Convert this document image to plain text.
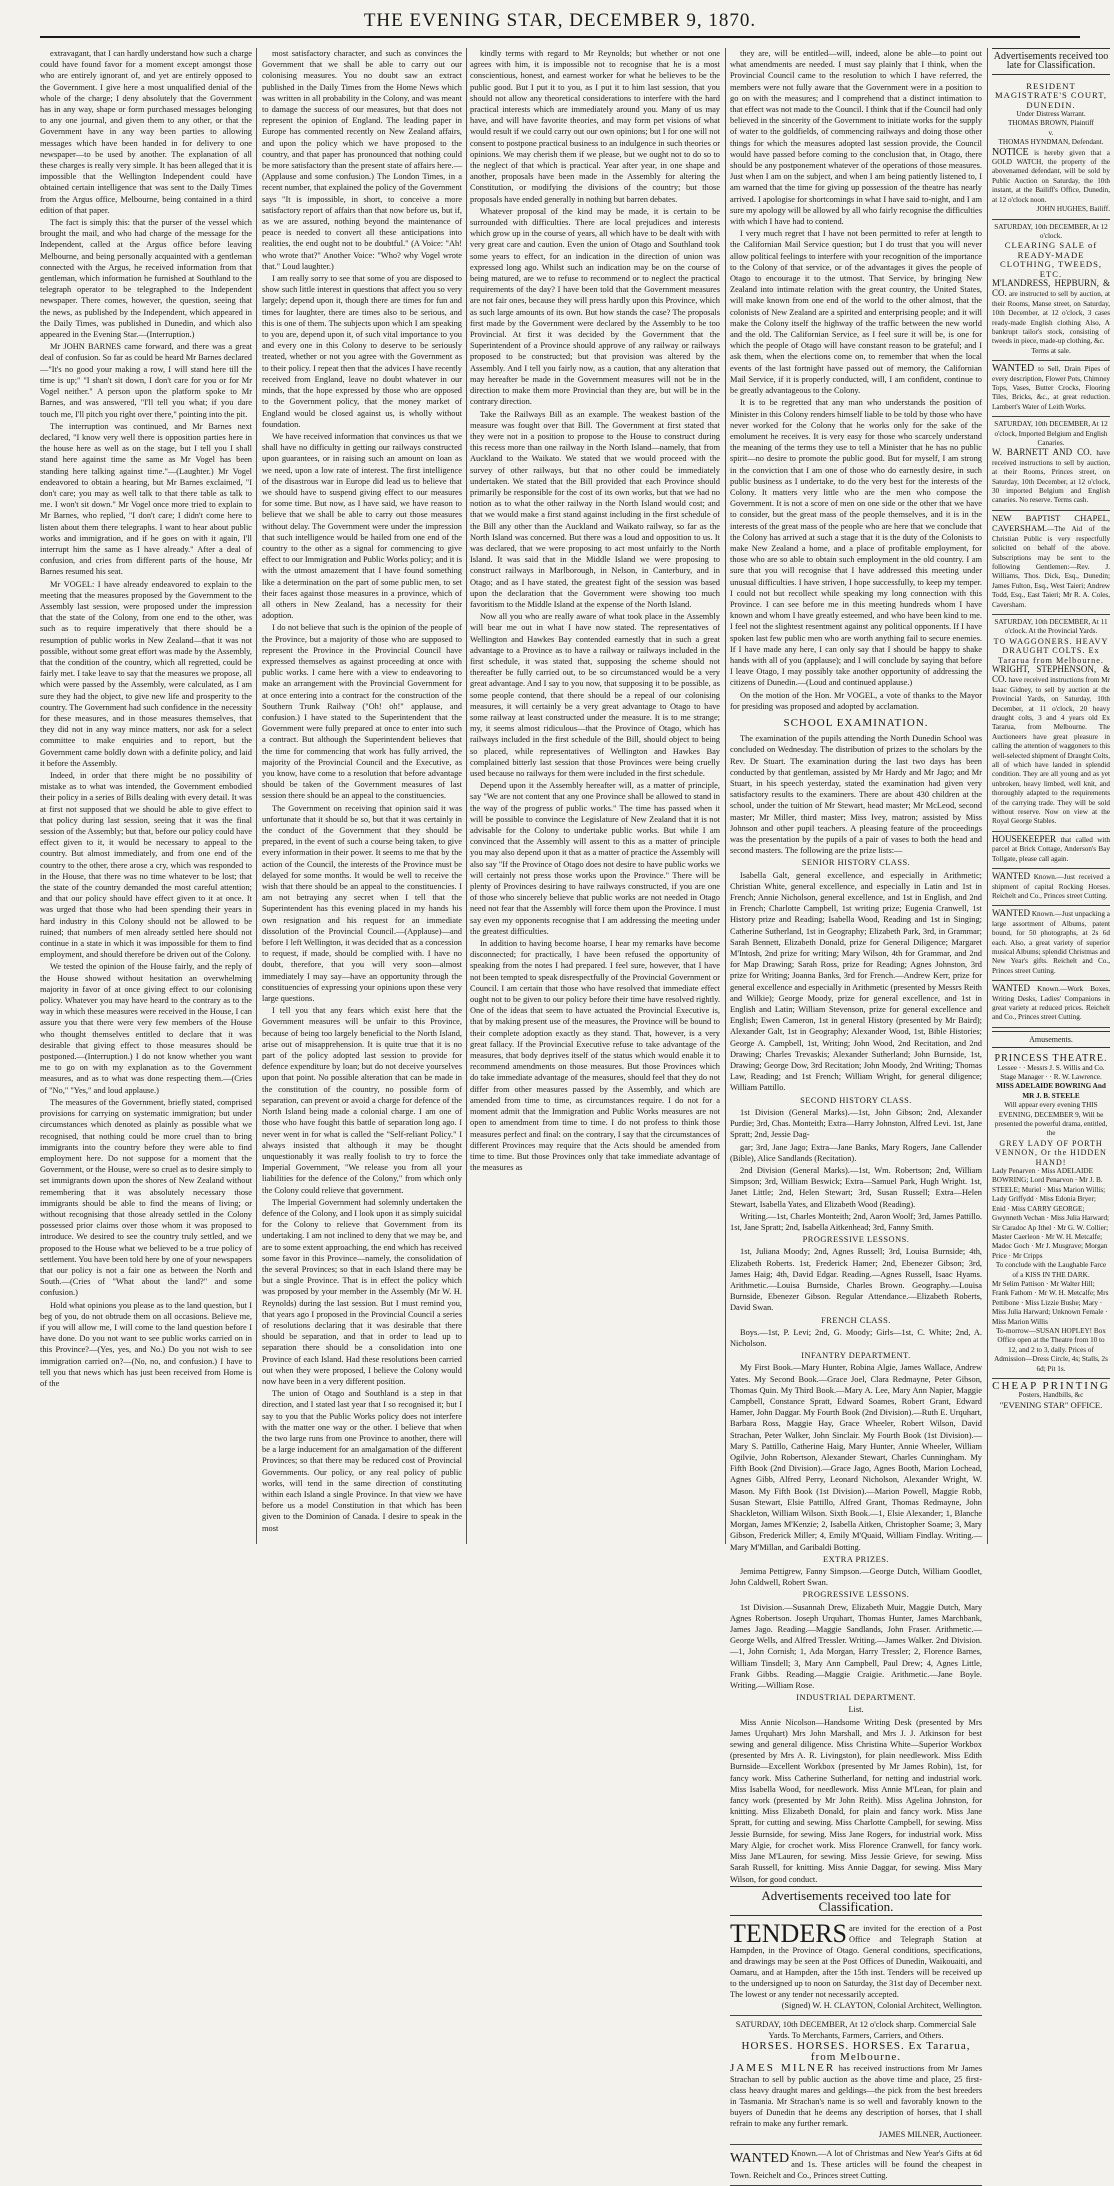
THE EVENING STAR, DECEMBER 9, 1870.

extravagant, that I can hardly understand how such a charge could have found favor for a moment except amongst those who are entirely ignorant of, and yet are entirely opposed to the Government. I give here a most unqualified denial of the whole of the charge; I deny absolutely that the Government has in any way, shape or form purchased messages belonging to any one journal, and given them to any other, or that the Government have in any way been parties to allowing messages which have been handed in for delivery to one newspaper—to be used by another. The explanation of all these charges is really very simple. It has been alleged that it is impossible that the Wellington Independent could have obtained certain intelligence that was sent to the Daily Times from the Argus office, Melbourne, being contained in a third edition of that paper.

The fact is simply this: that the purser of the vessel which brought the mail, and who had charge of the message for the Independent, called at the Argus office before leaving Melbourne, and being personally acquainted with a gentleman connected with the Argus, he received information from that gentleman, which information he furnished at Southland to the telegraph operator to be telegraphed to the Independent newspaper. There comes, however, the question, seeing that the news, as published by the Independent, which appeared in the Daily Times, was published in Dunedin, and which also appeared in the Evening Star.—(Interruption.)

Mr JOHN BARNES came forward, and there was a great deal of confusion. So far as could be heard Mr Barnes declared—"It's no good your making a row, I will stand here till the time is up;" "I shan't sit down, I don't care for you or for Mr Vogel neither." A person upon the platform spoke to Mr Barnes, and was answered, "I'll tell you what; if you dare touch me, I'll pitch you right over there," pointing into the pit.

The interruption was continued, and Mr Barnes next declared, "I know very well there is opposition parties here in the house here as well as on the stage, but I tell you I shall stand here against time the same as Mr Vogel has been standing here talking against time."—(Laughter.) Mr Vogel endeavored to obtain a hearing, but Mr Barnes exclaimed, "I don't care; you may as well talk to that there table as talk to me. I won't sit down." Mr Vogel once more tried to explain to Mr Barnes, who replied, "I don't care; I didn't come here to listen about them there telegraphs. I want to hear about public works and immigration, and if he goes on with it again, I'll interrupt him the same as I have already." After a deal of confusion, and cries from different parts of the house, Mr Barnes resumed his seat.

Mr VOGEL: I have already endeavored to explain to the meeting that the measures proposed by the Government to the Assembly last session, were proposed under the impression that the state of the Colony, from one end to the other, was such as to require imperatively that there should be a resumption of public works in New Zealand—that it was not possible, without some great effort was made by the Assembly, that the condition of the country, which all regretted, could be fairly met. I take leave to say that the measures we propose, all which were passed by the Assembly, were calculated, as I am sure they had the object, to give new life and prosperity to the country. The Government had such confidence in the necessity for these measures, and in those measures themselves, that they did not in any way mince matters, nor ask for a select committee to make enquiries and to report, but the Government came boldly down with a definite policy, and laid it before the Assembly.

Indeed, in order that there might be no possibility of mistake as to what was intended, the Government embodied their policy in a series of Bills dealing with every detail. It was at first not supposed that we should be able to give effect to that policy during last session, seeing that it was the final session of the Assembly; but that, before our policy could have effect given to it, it would be necessary to appeal to the country. But almost immediately, and from one end of the country to the other, there arose a cry, which was responded to in the House, that there was no time whatever to be lost; that the state of the country demanded the most careful attention; and that our policy should have effect given to it at once. It was urged that those who had been spending their years in hard industry in this Colony should not be allowed to be ruined; that numbers of men already settled here should not continue in a state in which it was impossible for them to find employment, and should therefore be driven out of the Colony.

We tested the opinion of the House fairly, and the reply of the House showed without hesitation an overwhelming majority in favor of at once giving effect to our colonising policy. Whatever you may have heard to the contrary as to the way in which these measures were received in the House, I can assure you that there were very few members of the House who thought themselves entitled to declare that it was desirable that giving effect to those measures should be postponed.—(Interruption.) I do not know whether you want me to go on with my explanation as to the Government measures, and as to what was done respecting them.—(Cries of "No," "Yes," and loud applause.)

The measures of the Government, briefly stated, comprised provisions for carrying on systematic immigration; but under circumstances which denoted as plainly as possible what we recognised, that nothing could be more cruel than to bring immigrants into the country before they were able to find employment here. Do not suppose for a moment that the Government, or the House, were so cruel as to desire simply to set immigrants down upon the shores of New Zealand without remembering that it was absolutely necessary those immigrants should be able to find the means of living; or without recognising that those already settled in the Colony possessed prior claims over those whom it was proposed to introduce. We desired to see the country truly settled, and we proposed to the House what we believed to be a true policy of settlement. You have been told here by one of your newspapers that our policy is not a fair one as between the North and South.—(Cries of "What about the land?" and some confusion.)

Hold what opinions you please as to the land question, but I beg of you, do not obtrude them on all occasions. Believe me, if you will allow me, I will come to the land question before I have done. Do you not want to see public works carried on in this Province?—(Yes, yes, and No.) Do you not wish to see immigration carried on?—(No, no, and confusion.) I have to tell you that news which has just been received from Home is of the

most satisfactory character, and such as convinces the Government that we shall be able to carry out our colonising measures. You no doubt saw an extract published in the Daily Times from the Home News which was written in all probability in the Colony, and was meant to damage the success of our measures, but that does not represent the opinion of England. The leading paper in Europe has commented recently on New Zealand affairs, and upon the policy which we have proposed to the country, and that paper has pronounced that nothing could be more satisfactory than the present state of affairs here.—(Applause and some confusion.) The London Times, in a recent number, that explained the policy of the Government says "It is impossible, in short, to conceive a more satisfactory report of affairs than that now before us, but if, as we are assured, nothing beyond the maintenance of peace is needed to convert all these anticipations into realities, the end ought not to be doubtful." (A Voice: "Ah! who wrote that?" Another Voice: "Who? why Vogel wrote that." Loud laughter.)

I am really sorry to see that some of you are disposed to show such little interest in questions that affect you so very largely; depend upon it, though there are times for fun and times for laughter, there are times also to be serious, and this is one of them. The subjects upon which I am speaking to you are, depend upon it, of such vital importance to you and every one in this Colony to deserve to be seriously treated, whether or not you agree with the Government as to their policy. I repeat then that the advices I have recently received from England, leave no doubt whatever in our minds, that the hope expressed by those who are opposed to the Government policy, that the money market of England would be closed against us, is wholly without foundation.

We have received information that convinces us that we shall have no difficulty in getting our railways constructed upon guarantees, or in raising such an amount on loan as we need, upon a low rate of interest. The first intelligence of the disastrous war in Europe did lead us to believe that we should have to suspend giving effect to our measures for some time. But now, as I have said, we have reason to believe that we shall be able to carry out those measures without delay. The Government were under the impression that such intelligence would be hailed from one end of the country to the other as a signal for commencing to give effect to our Immigration and Public Works policy; and it is with the utmost amazement that I have found something like a determination on the part of some public men, to set their faces against those measures in a province, which of all others in New Zealand, has a necessity for their adoption.

I do not believe that such is the opinion of the people of the Province, but a majority of those who are supposed to represent the Province in the Provincial Council have expressed themselves as against proceeding at once with public works. I came here with a view to endeavoring to make an arrangement with the Provincial Government for at once entering into a contract for the construction of the Southern Trunk Railway ("Oh! oh!" applause, and confusion.) I have stated to the Superintendent that the Government were fully prepared at once to enter into such a contract. But although the Superintendent believes that the time for commencing that work has fully arrived, the majority of the Provincial Council and the Executive, as you know, have come to a resolution that before advantage should be taken of the Government measures of last session there should be an appeal to the constituencies.

The Government on receiving that opinion said it was unfortunate that it should be so, but that it was certainly in the conduct of the Government that they should be prepared, in the event of such a course being taken, to give every information in their power. It seems to me that by the action of the Council, the interests of the Province must be delayed for some months. It would be well to receive the wish that there should be an appeal to the constituencies. I am not betraying any secret when I tell that the Superintendent has this evening placed in my hands his own resignation and his request for an immediate dissolution of the Provincial Council.—(Applause)—and before I left Wellington, it was decided that as a concession to request, if made, should be complied with. I have no doubt, therefore, that you will very soon—almost immediately I may say—have an opportunity through the constituencies of expressing your opinions upon these very large questions.

I tell you that any fears which exist here that the Government measures will be unfair to this Province, because of being too largely beneficial to the North Island, arise out of misapprehension. It is quite true that it is no part of the policy adopted last session to provide for defence expenditure by loan; but do not deceive yourselves upon that point. No possible alteration that can be made in the constitution of the country, no possible form of separation, can prevent or avoid a charge for defence of the North Island being made a colonial charge. I am one of those who have fought this battle of separation long ago. I never went in for what is called the "Self-reliant Policy." I always insisted that although it may be thought unquestionably it was really foolish to try to force the Imperial Government, "We release you from all your liabilities for the defence of the Colony," from which only the Colony could relieve that government.

The Imperial Government had solemnly undertaken the defence of the Colony, and I look upon it as simply suicidal for the Colony to relieve that Government from its undertaking. I am not inclined to deny that we may be, and are to some extent approaching, the end which has received some favor in this Province—namely, the consolidation of the several Provinces; so that in each Island there may be but a single Province. That is in effect the policy which was proposed by your member in the Assembly (Mr W. H. Reynolds) during the last session. But I must remind you, that years ago I proposed in the Provincial Council a series of resolutions declaring that it was desirable that there should be separation, and that in order to lead up to separation there should be a consolidation into one Province of each Island. Had these resolutions been carried out when they were proposed, I believe the Colony would now have been in a very different position.

The union of Otago and Southland is a step in that direction, and I stated last year that I so recognised it; but I say to you that the Public Works policy does not interfere with the matter one way or the other. I believe that when the two large runs from one Province to another, there will be a large inducement for an amalgamation of the different Provinces; so that there may be reduced cost of Provincial Governments. Our policy, or any real policy of public works, will tend in the same direction of constituting within each Island a single Province. In that view we have before us a model Constitution in that which has been given to the Dominion of Canada. I desire to speak in the most

kindly terms with regard to Mr Reynolds; but whether or not one agrees with him, it is impossible not to recognise that he is a most conscientious, honest, and earnest worker for what he believes to be the public good. But I put it to you, as I put it to him last session, that you should not allow any theoretical considerations to interfere with the hard practical interests which are immediately around you. Many of us may have, and will have favorite theories, and may form pet visions of what would result if we could carry out our own opinions; but I for one will not consent to postpone practical business to an indulgence in such theories or opinions. We may cherish them if we please, but we ought not to do so to the neglect of that which is practical. Year after year, in one shape and another, proposals have been made in the Assembly for altering the Constitution, or modifying the divisions of the country; but those proposals have ended generally in nothing but barren debates.

Whatever proposal of the kind may be made, it is certain to be surrounded with difficulties. There are local prejudices and interests which grow up in the course of years, all which have to be dealt with with very great care and caution. Even the union of Otago and Southland took some years to effect, for an indication in the direction of union was expressed long ago. Whilst such an indication may be on the course of being matured, are we to refuse to recommend or to neglect the practical requirements of the day? I have been told that the Government measures are not fair ones, because they will press hardly upon this Province, which as such large amounts of its own. But how stands the case? The proposals first made by the Government were declared by the Assembly to be too Provincial. At first it was decided by the Government that the Superintendent of a Province should approve of any railway or railways proposed to be constructed; but that provision was altered by the Assembly. And I tell you fairly now, as a caution, that any alteration that may hereafter be made in the Government measures will not be in the direction to make them more Provincial than they are, but will be in the contrary direction.

Take the Railways Bill as an example. The weakest bastion of the measure was fought over that Bill. The Government at first stated that they were not in a position to propose to the House to construct during this recess more than one railway in the North Island—namely, that from Auckland to the Waikato. We stated that we would proceed with the survey of other railways, but that no other could be immediately undertaken. We stated that the Bill provided that each Province should primarily be responsible for the cost of its own works, but that we had no notion as to what the other railway in the North Island would cost; and that we would make a first stand against including in the first schedule of the Bill any other than the Auckland and Waikato railway, so far as the North Island was concerned. But there was a loud and opposition to us. It was declared, that we were proposing to act most unfairly to the North Island. It was said that in the Middle Island we were proposing to construct railways in Marlborough, in Nelson, in Canterbury, and in Otago; and as I have stated, the greatest fight of the session was based upon the declaration that the Government were showing too much favoritism to the Middle Island at the expense of the North Island.

Now all you who are really aware of what took place in the Assembly will bear me out in what I have now stated. The representatives of Wellington and Hawkes Bay contended earnestly that in such a great advantage to a Province as to have a railway or railways included in the first schedule, it was stated that, supposing the scheme should not thereafter be fully carried out, to be so circumstanced would be a very great advantage. And I say to you now, that supposing it to be possible, as some people contend, that there should be a repeal of our colonising measures, it will certainly be a very great advantage to Otago to have some railway at least constructed under the measure. It is to me strange; my, it seems almost ridiculous—that the Province of Otago, which has railways included in the first schedule of the Bill, should object to being so placed, while representatives of Wellington and Hawkes Bay complained bitterly last session that those Provinces were being cruelly used because no railways for them were included in the first schedule.

Depend upon it the Assembly hereafter will, as a matter of principle, say "We are not content that any one Province shall be allowed to stand in the way of the progress of public works." The time has passed when it will be possible to convince the Legislature of New Zealand that it is not advisable for the Colony to undertake public works. But while I am convinced that the Assembly will assent to this as a matter of principle you may also depend upon it that as a matter of practice the Assembly will also say "If the Province of Otago does not desire to have public works we will certainly not press those works upon the Province." There will be plenty of Provinces desiring to have railways constructed, if you are one of those who sincerely believe that public works are not needed in Otago need not fear that the Assembly will force them upon the Province. I must say even my opponents recognise that I am addressing the meeting under the greatest difficulties.

In addition to having become hoarse, I hear my remarks have become disconnected; for practically, I have been refused the opportunity of speaking from the notes I had prepared. I feel sure, however, that I have not been tempted to speak disrespectfully of the Provincial Government or Council. I am certain that those who have resolved that immediate effect ought not to be given to our policy before their time have resolved rightly. One of the ideas that seem to have actuated the Provincial Executive is, that by making present use of the measures, the Province will be bound to their complete adoption exactly as they stand. That, however, is a very great fallacy. If the Provincial Executive refuse to take advantage of the measures, that body deprives itself of the status which would enable it to recommend amendments on those measures. But those Provinces which do take immediate advantage of the measures, should feel that they do not differ from other measures passed by the Assembly, and which are amended from time to time, as circumstances require. I do not for a moment admit that the Immigration and Public Works measures are not open to amendment from time to time. I do not profess to think those measures perfect and final: on the contrary, I say that the circumstances of different Provinces may require that the Acts should be amended from time to time. But those Provinces only that take immediate advantage of the measures as

they are, will be entitled—will, indeed, alone be able—to point out what amendments are needed. I must say plainly that I think, when the Provincial Council came to the resolution to which I have referred, the members were not fully aware that the Government were in a position to go on with the measures; and I comprehend that a distinct intimation to that effect was not made to the Council. I think that if the Council had only believed in the sincerity of the Government to initiate works for the supply of water to the goldfields, of commencing railways and doing those other things for which the measures adopted last session provide, the Council would have passed before coming to the conclusion that, in Otago, there should be any postponement whatever of the operations of those measures. Just when I am on the subject, and when I am being patiently listened to, I am warned that the time for giving up possession of the theatre has nearly arrived. I apologise for shortcomings in what I have said to-night, and I am sure my apology will be allowed by all who fairly recognise the difficulties with which I have had to contend.

I very much regret that I have not been permitted to refer at length to the Californian Mail Service question; but I do trust that you will never allow political feelings to interfere with your recognition of the importance to the Colony of that service, or of the advantages it gives the people of Otago to encourage it to the utmost. That Service, by bringing New Zealand into intimate relation with the great country, the United States, will make known from one end of the world to the other almost, that the colonists of New Zealand are a spirited and enterprising people; and it will make the Colony itself the highway of the traffic between the new world and the old. The Californian Service, as I feel sure it will be, is one for which the people of Otago will have constant reason to be grateful; and I ask them, when the elections come on, to remember that when the local events of the last fortnight have passed out of memory, the Californian Mail Service, if it is properly conducted, will, I am confident, continue to be greatly advantageous to the Colony.

It is to be regretted that any man who understands the position of Minister in this Colony renders himself liable to be told by those who have never worked for the Colony that he works only for the sake of the emolument he receives. It is very easy for those who scarcely understand the meaning of the terms they use to tell a Minister that he has no public spirit—no desire to promote the public good. But for myself, I am strong in the conviction that I am one of those who do earnestly desire, in such public business as I undertake, to do the very best for the interests of the Colony. It matters very little who are the men who compose the Government. It is not a score of men on one side or the other that we have to consider, but the great mass of the people themselves, and it is in the interests of the great mass of the people who are here that we conclude that the Colony has arrived at such a stage that it is the duty of the Colonists to make New Zealand a home, and a place of profitable employment, for those who are so able to obtain such employment in the old country. I am sure that you will recognise that I have addressed this meeting under unusual difficulties. I have striven, I hope successfully, to keep my temper. I could not but recollect while speaking my long connection with this Province. I can see before me in this meeting hundreds whom I have known and whom I have greatly esteemed, and who have been kind to me. I feel not the slightest resentment against any political opponents. If I have spoken last few public men who are worth anything fail to secure enemies. If I have made any here, I can only say that I should be happy to shake hands with all of you (applause); and I will conclude by saying that before I leave Otago, I may possibly take another opportunity of addressing the citizens of Dunedin.—(Loud and continued applause.)

On the motion of the Hon. Mr VOGEL, a vote of thanks to the Mayor for presiding was proposed and adopted by acclamation.

SCHOOL EXAMINATION.

The examination of the pupils attending the North Dunedin School was concluded on Wednesday. The distribution of prizes to the scholars by the Rev. Dr Stuart. The examination during the last two days has been conducted by that gentleman, assisted by Mr Hardy and Mr Jago; and Mr Stuart, in his speech yesterday, stated the examination had given very satisfactory results to the examiners. There are about 430 children at the school, under the tuition of Mr Stewart, head master; Mr McLeod, second master; Mr Miller, third master; Miss Ivey, matron; assisted by Miss Johnson and other pupil teachers. A pleasing feature of the proceedings was the presentation by the pupils of a pair of vases to both the head and second masters. The following are the prize lists:—

SENIOR HISTORY CLASS.

Isabella Galt, general excellence, and especially in Arithmetic; Christian White, general excellence, and especially in Latin and 1st in French; Annie Nicholson, general excellence, and 1st in English, and 2nd in French; Charlotte Campbell, 1st writing prize; Eugenia Cranwell, 1st History prize and Reading; Isabella Wood, Reading and 1st in Singing; Catherine Sutherland, 1st in Geography; Elizabeth Park, 3rd, in Grammar; Sarah Bennett, Elizabeth Donald, prize for General Diligence; Margaret M'Intosh, 2nd prize for writing; Mary Wilson, 4th for Grammar, and 2nd for Map Drawing; Sarah Ross, prize for Reading; Agnes Johnston, 3rd prize for Writing; Joanna Banks, 3rd for French.—Andrew Kerr, prize for general excellence and especially in Arithmetic (presented by Messrs Reith and Wilkie); George Moody, prize for general excellence, and 1st in English and Latin; William Stevenson, prize for general excellence and English; Ewen Cameron, 1st in general History (presented by Mr Baird); Alexander Galt, 1st in Geography; Alexander Wood, 1st, Bible Histories; George A. Campbell, 1st, Writing; John Wood, 2nd Recitation, and 2nd Drawing; Charles Trevaskis; Alexander Sutherland; John Burnside, 1st, Drawing; George Dow, 3rd Recitation; John Moody, 2nd Writing; Thomas Law, Reading; and 1st French; William Wright, for general diligence; William Pattillo.

SECOND HISTORY CLASS.

1st Division (General Marks).—1st, John Gibson; 2nd, Alexander Purdie; 3rd, Chas. Monteith; Extra—Harry Johnston, Alfred Levi. 1st, Jane Spratt; 2nd, Jessie Dag-

gar; 3rd, Jane Jago; Extra—Jane Banks, Mary Rogers, Jane Callender (Bible), Alice Sandlands (Recitation).

2nd Division (General Marks).—1st, Wm. Robertson; 2nd, William Simpson; 3rd, William Beswick; Extra—Samuel Park, Hugh Wright. 1st, Janet Little; 2nd, Helen Stewart; 3rd, Susan Russell; Extra—Helen Stewart, Isabella Yates, and Elizabeth Wood (Reading).

Writing.—1st, Charles Monteith; 2nd, Aaron Woolf; 3rd, James Pattillo. 1st, Jane Spratt; 2nd, Isabella Aitkenhead; 3rd, Fanny Smith.

PROGRESSIVE LESSONS.

1st, Juliana Moody; 2nd, Agnes Russell; 3rd, Louisa Burnside; 4th, Elizabeth Roberts. 1st, Frederick Hamer; 2nd, Ebenezer Gibson; 3rd, James Haig; 4th, David Edgar. Reading.—Agnes Russell, Isaac Hyams. Arithmetic.—Louisa Burnside, Charles Brown. Geography.—Louisa Burnside, Ebenezer Gibson. Regular Attendance.—Elizabeth Roberts, David Swan.

FRENCH CLASS.

Boys.—1st, P. Levi; 2nd, G. Moody; Girls—1st, C. White; 2nd, A. Nicholson.

INFANTRY DEPARTMENT.

My First Book.—Mary Hunter, Robina Algie, James Wallace, Andrew Yates. My Second Book.—Grace Joel, Clara Redmayne, Peter Gibson, Thomas Quin. My Third Book.—Mary A. Lee, Mary Ann Napier, Maggie Campbell, Constance Spratt, Edward Soames, Robert Grant, Edward Hamer, John Daggar. My Fourth Book (2nd Division).—Ruth E. Urquhart, Barbara Ross, Maggie Hay, Grace Wheeler, Robert Wilson, David Strachan, Peter Walker, John Sinclair. My Fourth Book (1st Division).—Mary S. Pattillo, Catherine Haig, Mary Hunter, Annie Wheeler, William Ogilvie, John Robertson, Alexander Stewart, Charles Cunningham. My Fifth Book (2nd Division).—Grace Jago, Agnes Booth, Marion Lochead, Agnes Gibb, Alfred Perry, Leonard Nicholson, Alexander Wright, W. Mason. My Fifth Book (1st Division).—Marion Powell, Maggie Robb, Susan Stewart, Elsie Pattillo, Alfred Grant, Thomas Redmayne, John Shackleton, William Wilson. Sixth Book.—1, Elsie Alexander; 1, Blanche Morgan, James M'Kenzie; 2, Isabella Aitken, Christopher Soame; 3, Mary Gibson, Frederick Miller; 4, Emily M'Quaid, William Findlay. Writing.—Mary M'Millan, and Garibaldi Botting.

EXTRA PRIZES.

Jemima Pettigrew, Fanny Simpson.—George Dutch, William Goodlet, John Caldwell, Robert Swan.

PROGRESSIVE LESSONS.

1st Division.—Susannah Drew, Elizabeth Muir, Maggie Dutch, Mary Agnes Robertson. Joseph Urquhart, Thomas Hunter, James Marchbank, James Jago. Reading.—Maggie Sandlands, John Fraser. Arithmetic.—George Wells, and Alfred Tressler. Writing.—James Walker. 2nd Division.—1, John Cornish; 1, Ada Morgan, Harry Tressler; 2, Florence Barnes, William Tinsdell; 3, Mary Ann Campbell, Paul Drew; 4, Agnes Little, Frank Gibbs. Reading.—Maggie Craigie. Arithmetic.—Jane Boyle. Writing.—William Rose.

INDUSTRIAL DEPARTMENT.

List.

Miss Annie Nicolson—Handsome Writing Desk (presented by Mrs James Urquhart) Mrs John Marshall, and Mrs J. J. Atkinson for best sewing and general diligence. Miss Christina White—Superior Workbox (presented by Mrs A. R. Livingston), for plain needlework. Miss Edith Burnside—Excellent Workbox (presented by Mr James Robin), 1st, for fancy work. Miss Catherine Sutherland, for netting and industrial work. Miss Isabella Wood, for needlework. Miss Annie M'Lean, for plain and fancy work (presented by Mr John Reith). Miss Agelina Johnston, for knitting. Miss Elizabeth Donald, for plain and fancy work. Miss Jane Spratt, for cutting and sewing. Miss Charlotte Campbell, for sewing. Miss Jessie Burnside, for sewing. Miss Jane Rogers, for industrial work. Miss Mary Algie, for crochet work. Miss Florence Cranwell, for fancy work. Miss Jane M'Lauren, for sewing. Miss Jessie Grieve, for sewing. Miss Sarah Russell, for knitting. Miss Annie Daggar, for sewing. Miss Mary Wilson, for good conduct.

Advertisements received too late for Classification.
TENDERS are invited for the erection of a Post Office and Telegraph Station at Hampden, in the Province of Otago. General conditions, specifications, and drawings may be seen at the Post Offices of Dunedin, Waikouaiti, and Oamaru, and at Hampden, after the 15th inst. Tenders will be received up to the undersigned up to noon on Saturday, the 31st day of December next. The lowest or any tender not necessarily accepted.
(Signed) W. H. CLAYTON, Colonial Architect, Wellington.
SATURDAY, 10th DECEMBER, At 12 o'clock sharp. Commercial Sale Yards. To Merchants, Farmers, Carriers, and Others.
HORSES. HORSES. HORSES. Ex Tararua, from Melbourne.
JAMES MILNER has received instructions from Mr James Strachan to sell by public auction as the above time and place, 25 first-class heavy draught mares and geldings—the pick from the best breeders in Tasmania. Mr Strachan's name is so well and favorably known to the buyers of Dunedin that he deems any description of horses, that I shall refrain to make any further remark.
JAMES MILNER, Auctioneer.
WANTED Known.—A lot of Christmas and New Year's Gifts at 6d and 1s. These articles will be found the cheapest in Town. Reichelt and Co., Princes street Cutting.
Advertisements received too late for Classification.
RESIDENT MAGISTRATE'S COURT, DUNEDIN.
Under Distress Warrant.
THOMAS BROWN, Plaintiff
v.
THOMAS HYNDMAN, Defendant.
NOTICE is hereby given that a GOLD WATCH, the property of the abovenamed defendant, will be sold by Public Auction on Saturday, the 10th instant, at the Bailiff's Office, Dunedin, at 12 o'clock noon.
JOHN HUGHES, Bailiff.
SATURDAY, 10th DECEMBER, At 12 o'clock.
CLEARING SALE of READY-MADE CLOTHING, TWEEDS, ETC.
M'LANDRESS, HEPBURN, & CO. are instructed to sell by auction, at their Rooms, Manse street, on Saturday, 10th December, at 12 o'clock, 3 cases ready-made English clothing Also, A bankrupt tailor's stock, consisting of tweeds in piece, made-up clothing, &c.
Terms at sale.
WANTED to Sell, Drain Pipes of every description, Flower Pots, Chimney Tops, Vases, Butter Crocks, Flooring Tiles, Bricks, &c., at great reduction. Lambert's Water of Leith Works.
SATURDAY, 10th DECEMBER, At 12 o'clock, Imported Belgium and English Canaries.
W. BARNETT AND CO. have received instructions to sell by auction, at their Rooms, Princes street, on Saturday, 10th December, at 12 o'clock, 30 imported Belgium and English canaries. No reserve. Terms cash.
NEW BAPTIST CHAPEL, CAVERSHAM.—The Aid of the Christian Public is very respectfully solicited on behalf of the above. Subscriptions may be sent to the following Gentlemen:—Rev. J. Williams, Thos. Dick, Esq., Dunedin; James Fulton, Esq., West Taieri; Andrew Todd, Esq., East Taieri; Mr R. A. Coles, Caversham.
SATURDAY, 10th DECEMBER, At 11 o'clock. At the Provincial Yards.
TO WAGGONERS. HEAVY DRAUGHT COLTS. Ex Tararua from Melbourne.
WRIGHT, STEPHENSON, & CO. have received instructions from Mr Isaac Gidney, to sell by auction at the Provincial Yards, on Saturday, 10th December, at 11 o'clock, 20 heavy draught colts, 3 and 4 years old Ex Tararua, from Melbourne. The Auctioneers have great pleasure in calling the attention of waggoners to this well-selected shipment of Draught Colts, all of which have landed in splendid condition. They are all young and as yet unbroken, heavy limbed, well knit, and thoroughly adapted to the requirements of the carrying trade. They will be sold without reserve. Now on view at the Royal George Stables.
HOUSEKEEPER that called with parcel at Brick Cottage, Anderson's Bay Tollgate, please call again.
WANTED Known.—Just received a shipment of capital Rocking Horses. Reichelt and Co., Princes street Cutting.
WANTED Known.—Just unpacking a large assortment of Albums, patent bound, for 50 photographs, at 2s 6d each. Also, a great variety of superior musical Albums; splendid Christmas and New Year's gifts. Reichelt and Co., Princes street Cutting.
WANTED Known.—Work Boxes, Writing Desks, Ladies' Companions in great variety at reduced prices. Reichelt and Co., Princes street Cutting.
Amusements.
PRINCESS THEATRE.
Lessee · · Messrs J. S. Willis and Co.
Stage Manager · · R. W. Lawrence.
MISS ADELAIDE BOWRING And MR J. B. STEELE
Will appear every evening THIS EVENING, DECEMBER 9, Will be presented the powerful drama, entitled, the
GREY LADY OF PORTH VENNON, Or the HIDDEN HAND!
Lady Penarven · Miss ADELAIDE BOWRING; Lord Penarvon · Mr J. B. STEELE; Muriel · Miss Marion Willis; Lady Griffydd · Miss Edonia Bryer; Enid · Miss CARRY GEORGE; Gwynneth Vechan · Miss Julia Harward; Sir Caradoc Ap Ithel · Mr G. W. Collier; Master Caerleon · Mr W. H. Metcalfe; Madoc Goch · Mr J. Musgrave; Morgan Price · Mr Cripps
To conclude with the Laughable Farce of a KISS IN THE DARK.
Mr Selim Pattison · Mr Walter Hill; Frank Fathom · Mr W. H. Metcalfe; Mrs Pettibone · Miss Lizzie Bushe; Mary · Miss Julia Harward; Unknown Female · Miss Marion Willis
To-morrow—SUSAN HOPLEY! Box Office open at the Theatre from 10 to 12, and 2 to 3, daily. Prices of Admission—Dress Circle, 4s; Stalls, 2s 6d; Pit 1s.
CHEAP PRINTING
Posters, Handbills, &c
"EVENING STAR" OFFICE.
